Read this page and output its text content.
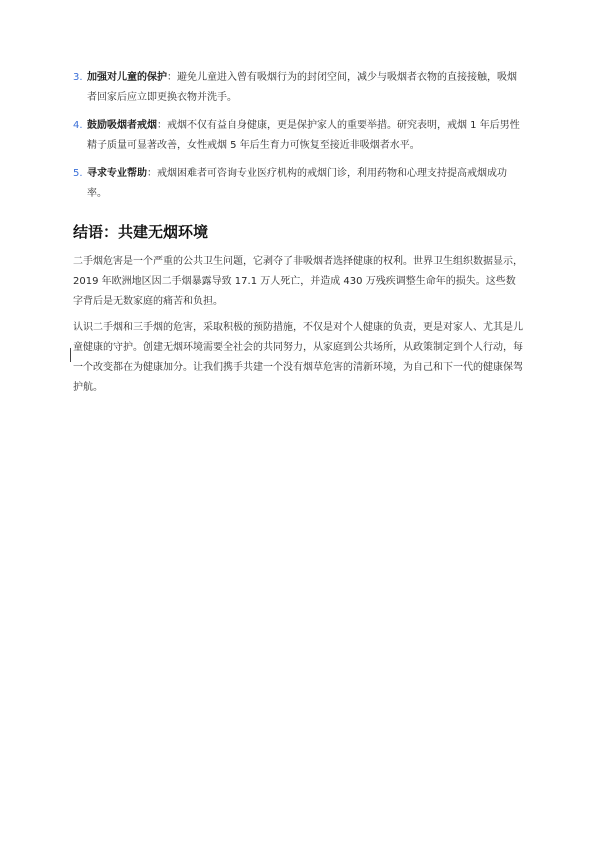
3. 加强对儿童的保护：避免儿童进入曾有吸烟行为的封闭空间，减少与吸烟者衣物的直接接触，吸烟者回家后应立即更换衣物并洗手。
4. 鼓励吸烟者戒烟：戒烟不仅有益自身健康，更是保护家人的重要举措。研究表明，戒烟 1 年后男性精子质量可显著改善，女性戒烟 5 年后生育力可恢复至接近非吸烟者水平。
5. 寻求专业帮助：戒烟困难者可咨询专业医疗机构的戒烟门诊，利用药物和心理支持提高戒烟成功率。
结语：共建无烟环境

二手烟危害是一个严重的公共卫生问题，它剥夺了非吸烟者选择健康的权利。世界卫生组织数据显示，2019 年欧洲地区因二手烟暴露导致 17.1 万人死亡，并造成 430 万残疾调整生命年的损失。这些数字背后是无数家庭的痛苦和负担。

认识二手烟和三手烟的危害，采取积极的预防措施，不仅是对个人健康的负责，更是对家人、尤其是儿童健康的守护。创建无烟环境需要全社会的共同努力，从家庭到公共场所，从政策制定到个人行动，每一个改变都在为健康加分。让我们携手共建一个没有烟草危害的清新环境，为自己和下一代的健康保驾护航。
